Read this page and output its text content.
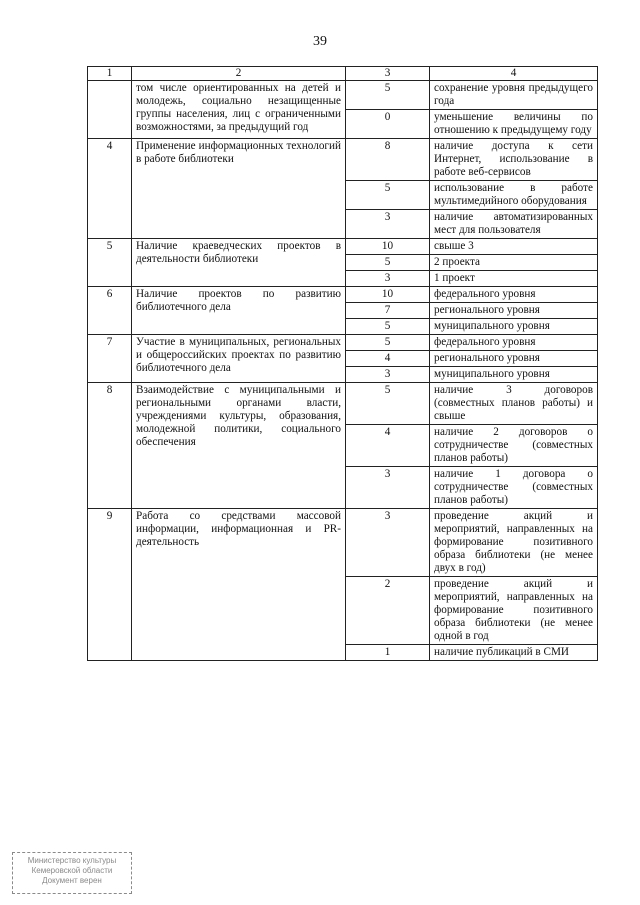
39
1	2	3	4
	том числе ориентированных на детей и молодежь, социально незащищенные группы населения, лиц с ограниченными возможностями, за предыдущий год	5	сохранение уровня предыдущего года
		0	уменьшение величины по отношению к предыдущему году
4	Применение информационных технологий в работе библиотеки	8	наличие доступа к сети Интернет, использование в работе веб-сервисов
		5	использование в работе мультимедийного оборудования
		3	наличие автоматизированных мест для пользователя
5	Наличие краеведческих проектов в деятельности библиотеки	10	свыше 3
		5	2 проекта
		3	1 проект
6	Наличие проектов по развитию библиотечного дела	10	федерального уровня
		7	регионального уровня
		5	муниципального уровня
7	Участие в муниципальных, региональных и общероссийских проектах по развитию библиотечного дела	5	федерального уровня
		4	регионального уровня
		3	муниципального уровня
8	Взаимодействие с муниципальными и региональными органами власти, учреждениями культуры, образования, молодежной политики, социального обеспечения	5	наличие 3 договоров (совместных планов работы) и свыше
		4	наличие 2 договоров о сотрудничестве (совместных планов работы)
		3	наличие 1 договора о сотрудничестве (совместных планов работы)
9	Работа со средствами массовой информации, информационная и PR-деятельность	3	проведение акций и мероприятий, направленных на формирование позитивного образа библиотеки (не менее двух в год)
		2	проведение акций и мероприятий, направленных на формирование позитивного образа библиотеки (не менее одной в год
		1	наличие публикаций в СМИ
Министерство культуры
Кемеровской области
Документ верен
